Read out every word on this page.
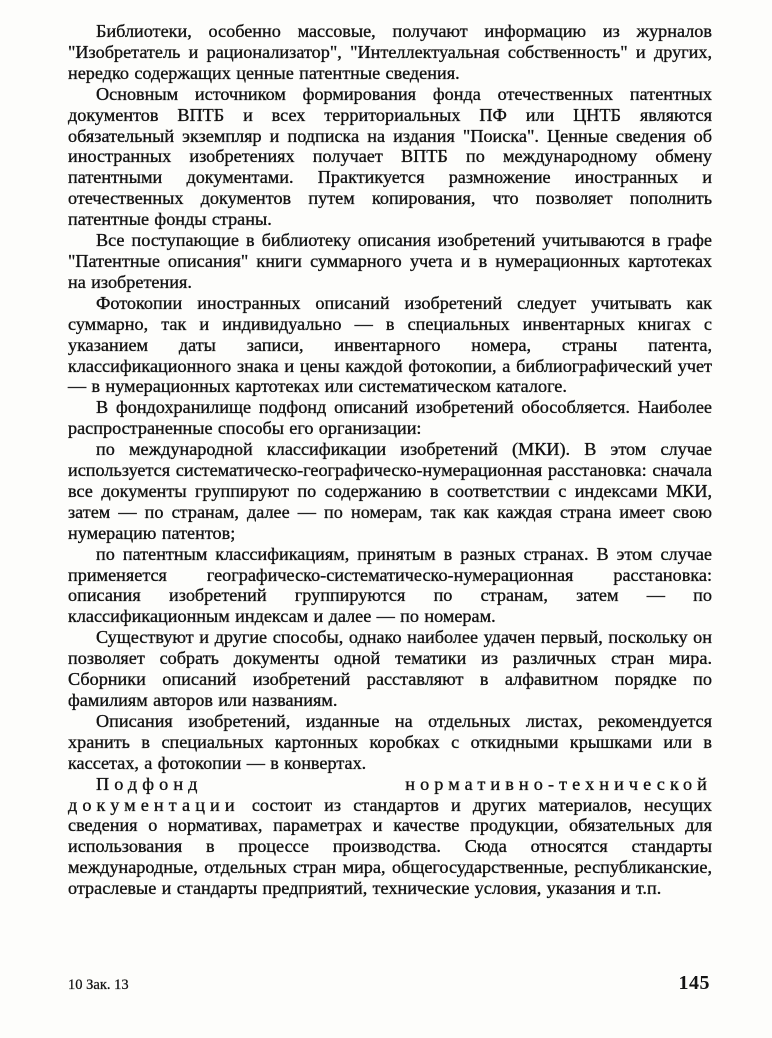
Библиотеки, особенно массовые, получают информацию из журналов "Изобретатель и рационализатор", "Интеллектуальная собственность" и других, нередко содержащих ценные патентные сведения.

Основным источником формирования фонда отечественных патентных документов ВПТБ и всех территориальных ПФ или ЦНТБ являются обязательный экземпляр и подписка на издания "Поиска". Ценные сведения об иностранных изобретениях получает ВПТБ по международному обмену патентными документами. Практикуется размножение иностранных и отечественных документов путем копирования, что позволяет пополнить патентные фонды страны.

Все поступающие в библиотеку описания изобретений учитываются в графе "Патентные описания" книги суммарного учета и в нумерационных картотеках на изобретения.

Фотокопии иностранных описаний изобретений следует учитывать как суммарно, так и индивидуально — в специальных инвентарных книгах с указанием даты записи, инвентарного номера, страны патента, классификационного знака и цены каждой фотокопии, а библиографический учет — в нумерационных картотеках или систематическом каталоге.

В фондохранилище подфонд описаний изобретений обособляется. Наиболее распространенные способы его организации:

по международной классификации изобретений (МКИ). В этом случае используется систематическо-географическо-нумерационная расстановка: сначала все документы группируют по содержанию в соответствии с индексами МКИ, затем — по странам, далее — по номерам, так как каждая страна имеет свою нумерацию патентов;

по патентным классификациям, принятым в разных странах. В этом случае применяется географическо-систематическо-нумерационная расстановка: описания изобретений группируются по странам, затем — по классификационным индексам и далее — по номерам.

Существуют и другие способы, однако наиболее удачен первый, поскольку он позволяет собрать документы одной тематики из различных стран мира. Сборники описаний изобретений расставляют в алфавитном порядке по фамилиям авторов или названиям.

Описания изобретений, изданные на отдельных листах, рекомендуется хранить в специальных картонных коробках с откидными крышками или в кассетах, а фотокопии — в конвертах.

Подфонд нормативно-технической документации состоит из стандартов и других материалов, несущих сведения о нормативах, параметрах и качестве продукции, обязательных для использования в процессе производства. Сюда относятся стандарты международные, отдельных стран мира, общегосударственные, республиканские, отраслевые и стандарты предприятий, технические условия, указания и т.п.

10 Зак. 13	145
